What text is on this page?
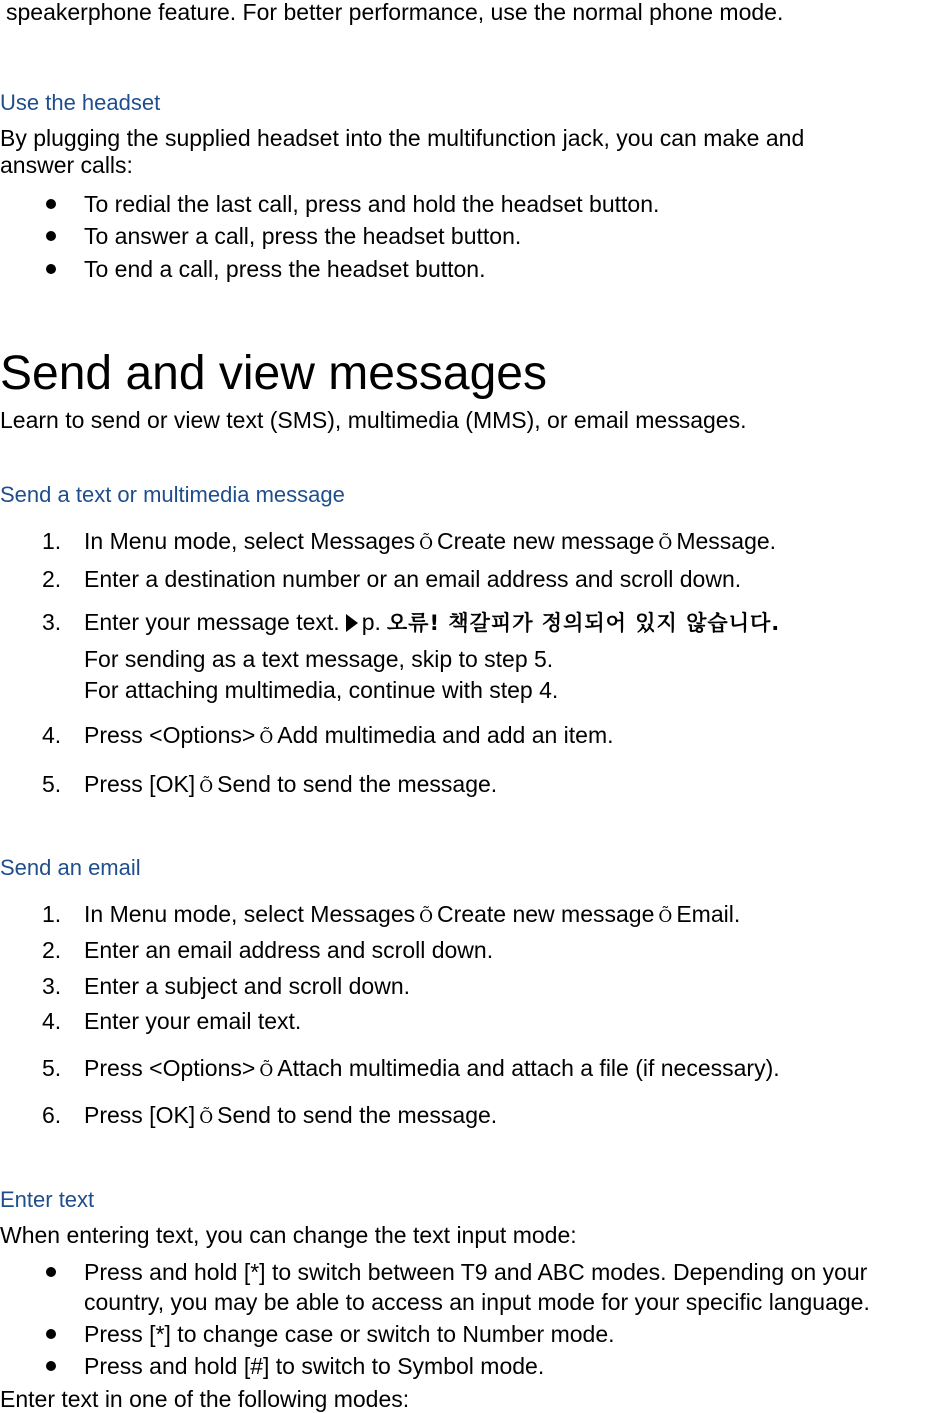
speakerphone feature. For better performance, use the normal phone mode.
Use the headset
By plugging the supplied headset into the multifunction jack, you can make and
answer calls:
To redial the last call, press and hold the headset button.
To answer a call, press the headset button.
To end a call, press the headset button.
Send and view messages
Learn to send or view text (SMS), multimedia (MMS), or email messages.
Send a text or multimedia message
1. In Menu mode, select Messages Õ Create new message Õ Message.
2. Enter a destination number or an email address and scroll down.
3. Enter your message text. p. 오류! 책갈피가 정의되어 있지 않습니다.
For sending as a text message, skip to step 5.
For attaching multimedia, continue with step 4.
4. Press <Options> Õ Add multimedia and add an item.
5. Press [OK] Õ Send to send the message.
Send an email
1. In Menu mode, select Messages Õ Create new message Õ Email.
2. Enter an email address and scroll down.
3. Enter a subject and scroll down.
4. Enter your email text.
5. Press <Options> Õ Attach multimedia and attach a file (if necessary).
6. Press [OK] Õ Send to send the message.
Enter text
When entering text, you can change the text input mode:
Press and hold [*] to switch between T9 and ABC modes. Depending on your
country, you may be able to access an input mode for your specific language.
Press [*] to change case or switch to Number mode.
Press and hold [#] to switch to Symbol mode.
Enter text in one of the following modes:
